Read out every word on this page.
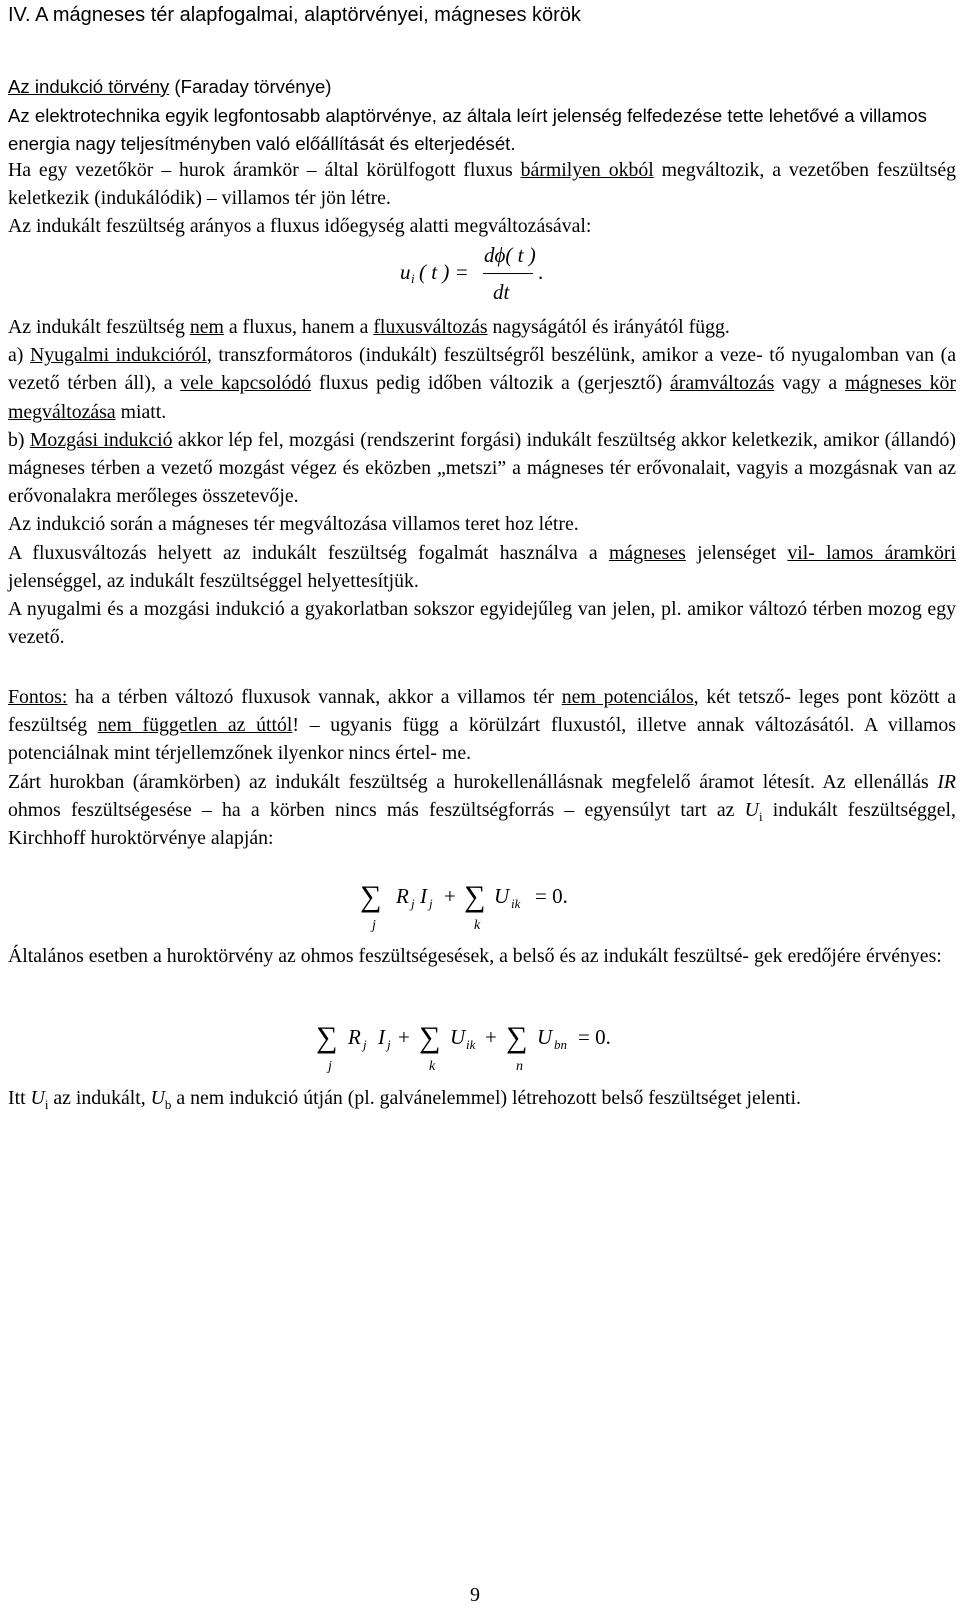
IV. A mágneses tér alapfogalmai, alaptörvényei, mágneses körök

Az indukció törvény (Faraday törvénye)

Az elektrotechnika egyik legfontosabb alaptörvénye, az általa leírt jelenség felfedezése tette lehetővé a villamos energia nagy teljesítményben való előállítását és elterjedését.

Ha egy vezetőkör – hurok áramkör – által körülfogott fluxus bármilyen okból megváltozik, a vezetőben feszültség keletkezik (indukálódik) – villamos tér jön létre.

Az indukált feszültség arányos a fluxus időegység alatti megváltozásával:

u i ( t ) =
dϕ( t )
dt
.

Az indukált feszültség nem a fluxus, hanem a fluxusváltozás nagyságától és irányától függ.

a) Nyugalmi indukcióról, transzformátoros (indukált) feszültségről beszélünk, amikor a veze- tő nyugalomban van (a vezető térben áll), a vele kapcsolódó fluxus pedig időben változik a (gerjesztő) áramváltozás vagy a mágneses kör megváltozása miatt.

b) Mozgási indukció akkor lép fel, mozgási (rendszerint forgási) indukált feszültség akkor keletkezik, amikor (állandó) mágneses térben a vezető mozgást végez és eközben „metszi” a mágneses tér erővonalait, vagyis a mozgásnak van az erővonalakra merőleges összetevője.

Az indukció során a mágneses tér megváltozása villamos teret hoz létre.

A fluxusváltozás helyett az indukált feszültség fogalmát használva a mágneses jelenséget vil- lamos áramköri jelenséggel, az indukált feszültséggel helyettesítjük.

A nyugalmi és a mozgási indukció a gyakorlatban sokszor egyidejűleg van jelen, pl. amikor változó térben mozog egy vezető.

Fontos: ha a térben változó fluxusok vannak, akkor a villamos tér nem potenciálos, két tetsző- leges pont között a feszültség nem független az úttól! – ugyanis függ a körülzárt fluxustól, illetve annak változásától. A villamos potenciálnak mint térjellemzőnek ilyenkor nincs értel- me.

Zárt hurokban (áramkörben) az indukált feszültség a hurokellenállásnak megfelelő áramot létesít. Az ellenállás IR ohmos feszültségesése – ha a körben nincs más feszültségforrás – egyensúlyt tart az $U_i$ indukált feszültséggel, Kirchhoff huroktörvénye alapján:

∑ R j I j + ∑ U ik = 0.
j	k

Általános esetben a huroktörvény az ohmos feszültségesések, a belső és az indukált feszültsé- gek eredőjére érvényes:

∑ R j I j + ∑ U ik + ∑ U bn = 0.
j	k	n

Itt $U_i$ az indukált, $U_b$ a nem indukció útján (pl. galvánelemmel) létrehozott belső feszültséget jelenti.

9
